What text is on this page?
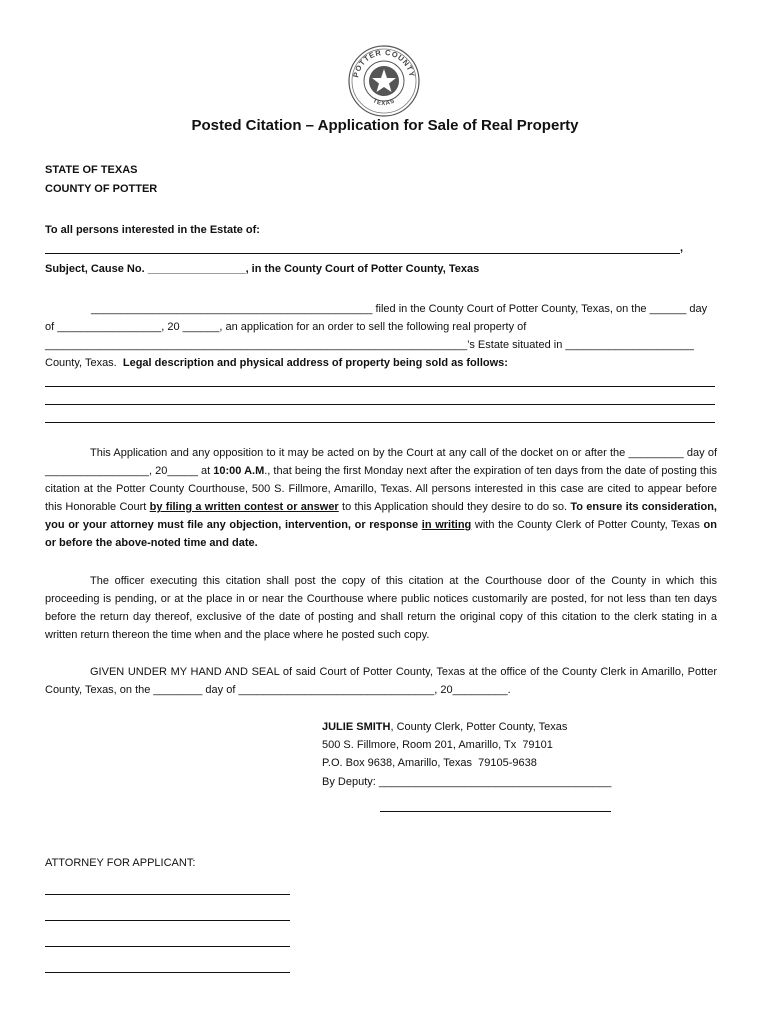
POTTER COUNTY
TEXAS
Posted Citation – Application for Sale of Real Property
STATE OF TEXAS
COUNTY OF POTTER
To all persons interested in the Estate of:
,
Subject, Cause No. ________________, in the County Court of Potter County, Texas
______________________________________________ filed in the County Court of Potter County, Texas, on the ______ day
of _________________, 20 ______, an application for an order to sell the following real property of
_____________________________________________________________________’s Estate situated in _____________________
County, Texas.  Legal description and physical address of property being sold as follows:

This Application and any opposition to it may be acted on by the Court at any call of the docket on or after the _________ day of _________________, 20_____ at 10:00 A.M., that being the first Monday next after the expiration of ten days from the date of posting this citation at the Potter County Courthouse, 500 S. Fillmore, Amarillo, Texas. All persons interested in this case are cited to appear before this Honorable Court by filing a written contest or answer to this Application should they desire to do so. To ensure its consideration, you or your attorney must file any objection, intervention, or response in writing with the County Clerk of Potter County, Texas on or before the above-noted time and date.

The officer executing this citation shall post the copy of this citation at the Courthouse door of the County in which this proceeding is pending, or at the place in or near the Courthouse where public notices customarily are posted, for not less than ten days before the return day thereof, exclusive of the date of posting and shall return the original copy of this citation to the clerk stating in a written return thereon the time when and the place where he posted such copy.

GIVEN UNDER MY HAND AND SEAL of said Court of Potter County, Texas at the office of the County Clerk in Amarillo, Potter County, Texas, on the ________ day of ________________________________, 20_________.

JULIE SMITH, County Clerk, Potter County, Texas
500 S. Fillmore, Room 201, Amarillo, Tx  79101
P.O. Box 9638, Amarillo, Texas  79105-9638
By Deputy: ______________________________________
ATTORNEY FOR APPLICANT:
